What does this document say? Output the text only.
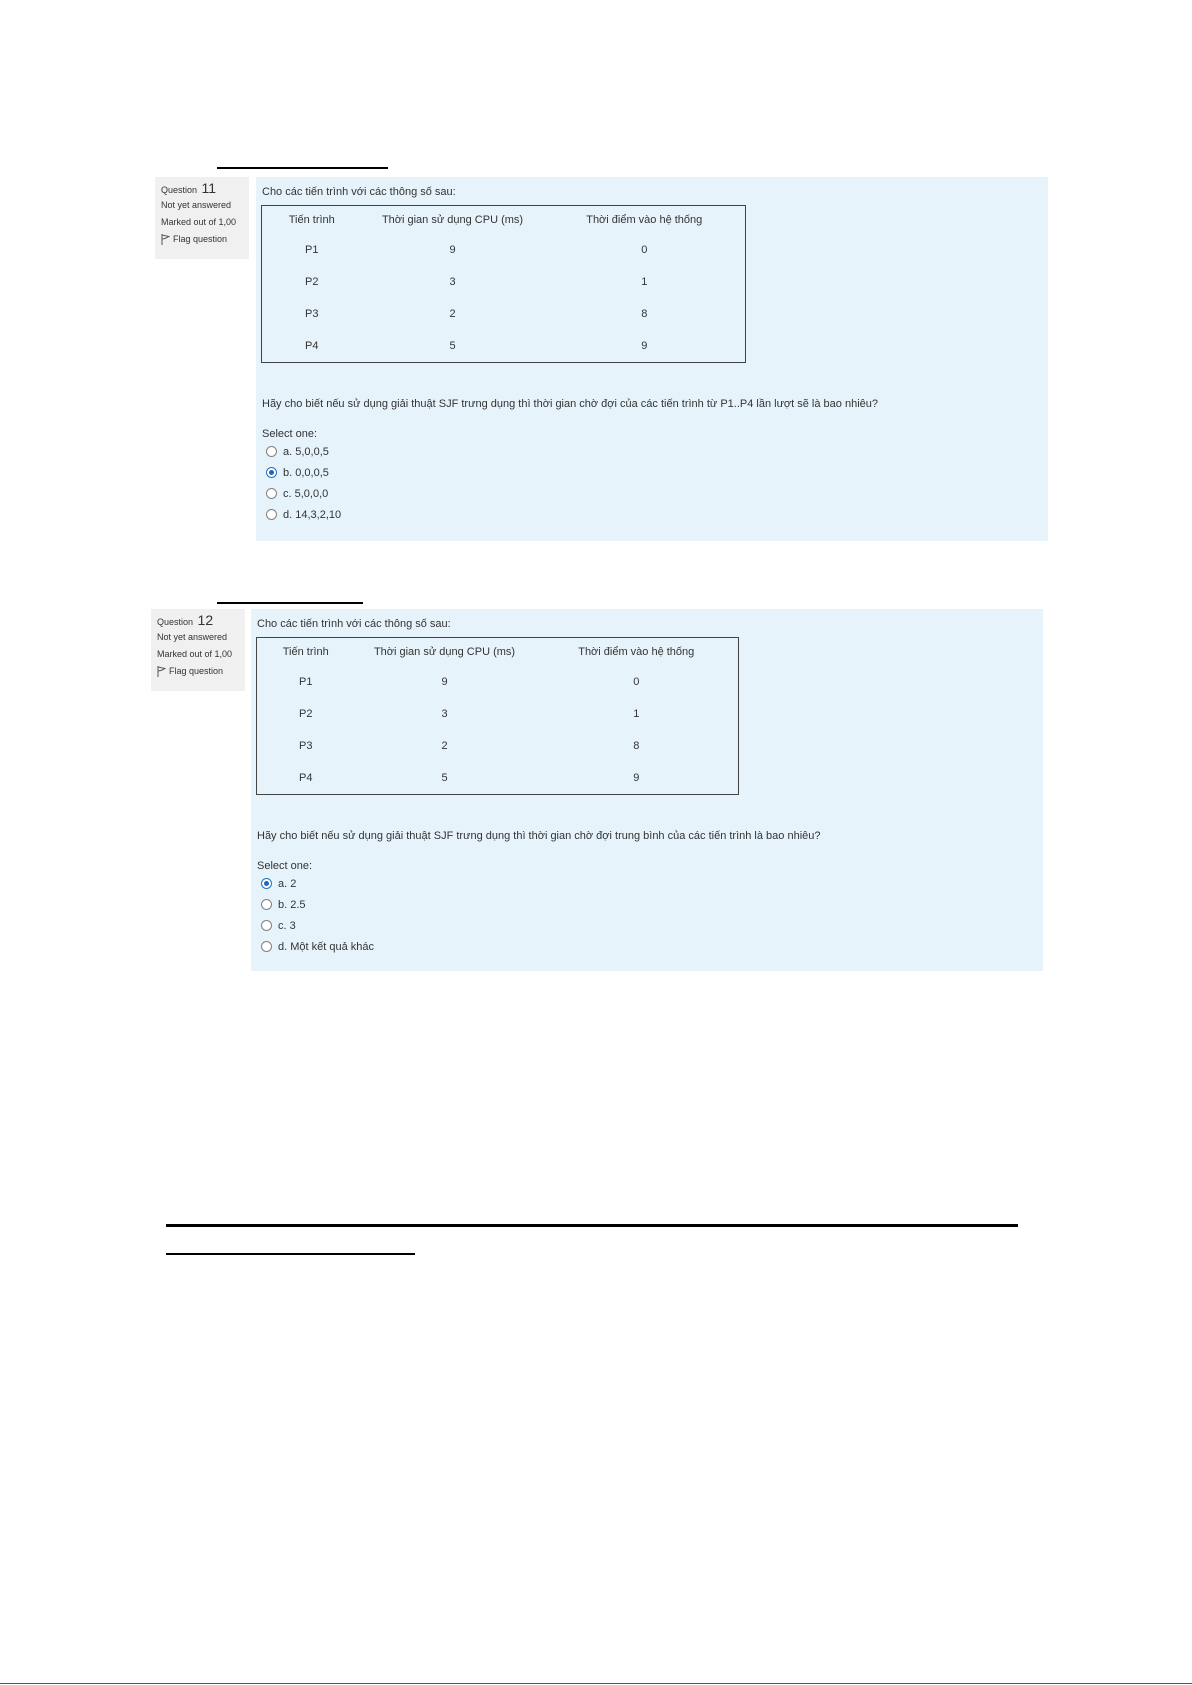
Question 11
Not yet answered
Marked out of 1,00
Flag question
Cho các tiến trình với các thông số sau:
Tiến trình	Thời gian sử dụng CPU (ms)	Thời điểm vào hệ thống
P1	9	0
P2	3	1
P3	2	8
P4	5	9
Hãy cho biết nếu sử dụng giải thuật SJF trưng dụng thì thời gian chờ đợi của các tiến trình từ P1..P4 lần lượt sẽ là bao nhiêu?
Select one:
a. 5,0,0,5
b. 0,0,0,5
c. 5,0,0,0
d. 14,3,2,10
Question 12
Not yet answered
Marked out of 1,00
Flag question
Cho các tiến trình với các thông số sau:
Tiến trình	Thời gian sử dụng CPU (ms)	Thời điểm vào hệ thống
P1	9	0
P2	3	1
P3	2	8
P4	5	9
Hãy cho biết nếu sử dụng giải thuật SJF trưng dụng thì thời gian chờ đợi trung bình của các tiến trình là bao nhiêu?
Select one:
a. 2
b. 2.5
c. 3
d. Một kết quả khác
